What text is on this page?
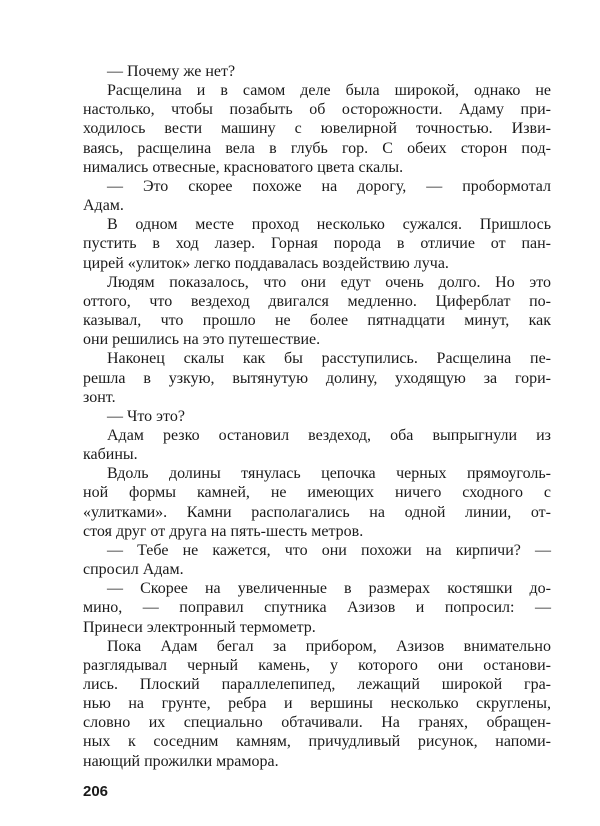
— Почему же нет?
Расщелина и в самом деле была широкой, однако не
настолько, чтобы позабыть об осторожности. Адаму при-
ходилось вести машину с ювелирной точностью. Изви-
ваясь, расщелина вела в глубь гор. С обеих сторон под-
нимались отвесные, красноватого цвета скалы.
— Это скорее похоже на дорогу, — пробормотал
Адам.
В одном месте проход несколько сужался. Пришлось
пустить в ход лазер. Горная порода в отличие от пан-
цирей «улиток» легко поддавалась воздействию луча.
Людям показалось, что они едут очень долго. Но это
оттого, что вездеход двигался медленно. Циферблат по-
казывал, что прошло не более пятнадцати минут, как
они решились на это путешествие.
Наконец скалы как бы расступились. Расщелина пе-
решла в узкую, вытянутую долину, уходящую за гори-
зонт.
— Что это?
Адам резко остановил вездеход, оба выпрыгнули из
кабины.
Вдоль долины тянулась цепочка черных прямоуголь-
ной формы камней, не имеющих ничего сходного с
«улитками». Камни располагались на одной линии, от-
стоя друг от друга на пять-шесть метров.
— Тебе не кажется, что они похожи на кирпичи? —
спросил Адам.
— Скорее на увеличенные в размерах костяшки до-
мино, — поправил спутника Азизов и попросил: —
Принеси электронный термометр.
Пока Адам бегал за прибором, Азизов внимательно
разглядывал черный камень, у которого они останови-
лись. Плоский параллелепипед, лежащий широкой гра-
нью на грунте, ребра и вершины несколько скруглены,
словно их специально обтачивали. На гранях, обращен-
ных к соседним камням, причудливый рисунок, напоми-
нающий прожилки мрамора.
206
